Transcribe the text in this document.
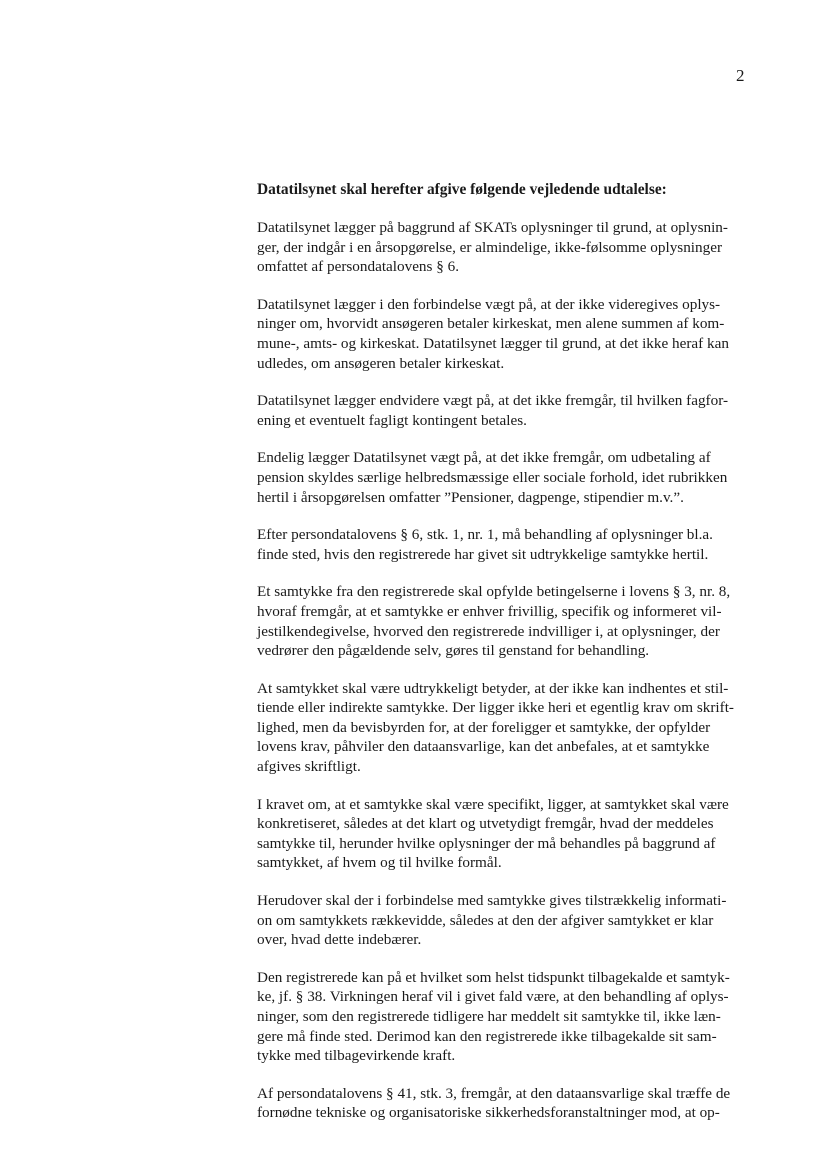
2
Datatilsynet skal herefter afgive følgende vejledende udtalelse:
Datatilsynet lægger på baggrund af SKATs oplysninger til grund, at oplysnin-
ger, der indgår i en årsopgørelse, er almindelige, ikke-følsomme oplysninger
omfattet af persondatalovens § 6.
Datatilsynet lægger i den forbindelse vægt på, at der ikke videregives oplys-
ninger om, hvorvidt ansøgeren betaler kirkeskat, men alene summen af kom-
mune-, amts- og kirkeskat. Datatilsynet lægger til grund, at det ikke heraf kan
udledes, om ansøgeren betaler kirkeskat.
Datatilsynet lægger endvidere vægt på, at det ikke fremgår, til hvilken fagfor-
ening et eventuelt fagligt kontingent betales.
Endelig lægger Datatilsynet vægt på, at det ikke fremgår, om udbetaling af
pension skyldes særlige helbredsmæssige eller sociale forhold, idet rubrikken
hertil i årsopgørelsen omfatter ”Pensioner, dagpenge, stipendier m.v.”.
Efter persondatalovens § 6, stk. 1, nr. 1, må behandling af oplysninger bl.a.
finde sted, hvis den registrerede har givet sit udtrykkelige samtykke hertil.
Et samtykke fra den registrerede skal opfylde betingelserne i lovens § 3, nr. 8,
hvoraf fremgår, at et samtykke er enhver frivillig, specifik og informeret vil-
jestilkendegivelse, hvorved den registrerede indvilliger i, at oplysninger, der
vedrører den pågældende selv, gøres til genstand for behandling.
At samtykket skal være udtrykkeligt betyder, at der ikke kan indhentes et stil-
tiende eller indirekte samtykke. Der ligger ikke heri et egentlig krav om skrift-
lighed, men da bevisbyrden for, at der foreligger et samtykke, der opfylder
lovens krav, påhviler den dataansvarlige, kan det anbefales, at et samtykke
afgives skriftligt.
I kravet om, at et samtykke skal være specifikt, ligger, at samtykket skal være
konkretiseret, således at det klart og utvetydigt fremgår, hvad der meddeles
samtykke til, herunder hvilke oplysninger der må behandles på baggrund af
samtykket, af hvem og til hvilke formål.
Herudover skal der i forbindelse med samtykke gives tilstrækkelig informati-
on om samtykkets rækkevidde, således at den der afgiver samtykket er klar
over, hvad dette indebærer.
Den registrerede kan på et hvilket som helst tidspunkt tilbagekalde et samtyk-
ke, jf. § 38. Virkningen heraf vil i givet fald være, at den behandling af oplys-
ninger, som den registrerede tidligere har meddelt sit samtykke til, ikke læn-
gere må finde sted. Derimod kan den registrerede ikke tilbagekalde sit sam-
tykke med tilbagevirkende kraft.
Af persondatalovens § 41, stk. 3, fremgår, at den dataansvarlige skal træffe de
fornødne tekniske og organisatoriske sikkerhedsforanstaltninger mod, at op-
